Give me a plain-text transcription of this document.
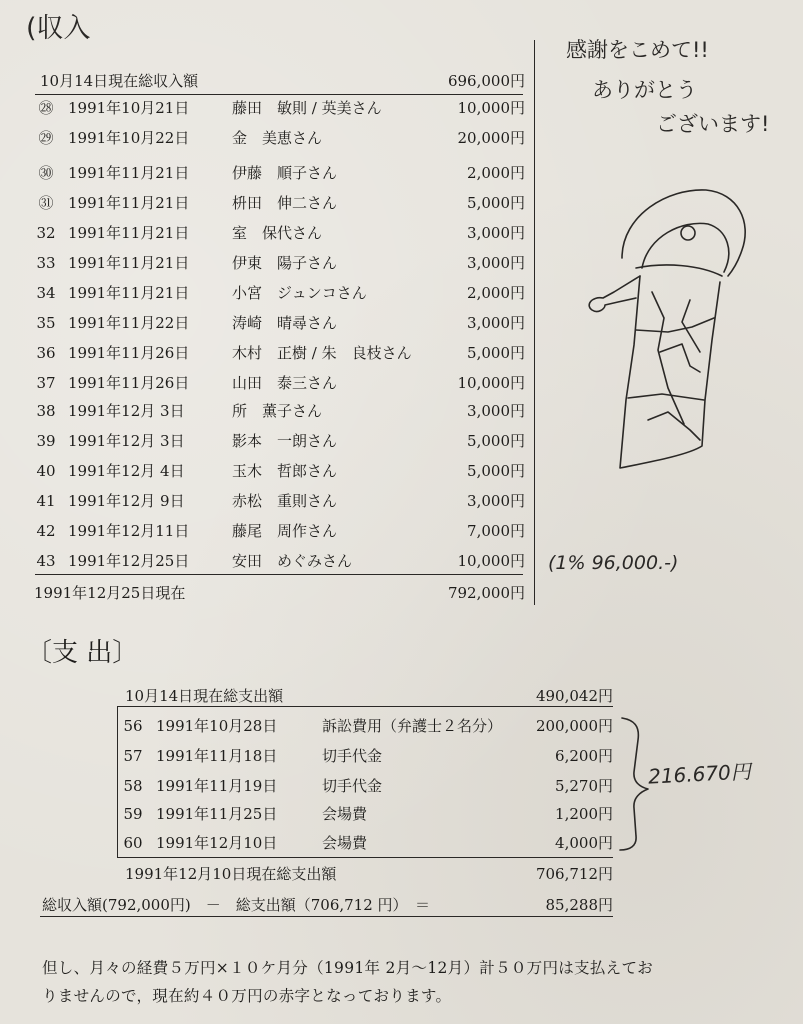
(収入
10月14日現在総収入額	696,000円
㉘ 1991年10月21日	藤田　敏則 / 英美さん	10,000円
㉙ 1991年10月22日	金　美恵さん	20,000円
㉚ 1991年11月21日	伊藤　順子さん	2,000円
㉛ 1991年11月21日	枡田　伸二さん	5,000円
32 1991年11月21日	室　保代さん	3,000円
33 1991年11月21日	伊東　陽子さん	3,000円
34 1991年11月21日	小宮　ジュンコさん	2,000円
35 1991年11月22日	涛崎　晴尋さん	3,000円
36 1991年11月26日	木村　正樹 / 朱　良枝さん	5,000円
37 1991年11月26日	山田　泰三さん	10,000円
38 1991年12月 3日	所　薫子さん	3,000円
39 1991年12月 3日	影本　一朗さん	5,000円
40 1991年12月 4日	玉木　哲郎さん	5,000円
41 1991年12月 9日	赤松　重則さん	3,000円
42 1991年12月11日	藤尾　周作さん	7,000円
43 1991年12月25日	安田　めぐみさん	10,000円
1991年12月25日現在	792,000円
感謝をこめて!!
ありがとう
ございます!
(1% 96,000.-)
〔支 出〕
10月14日現在総支出額	490,042円
56 1991年10月28日	訴訟費用（弁護士２名分） 200,000円
57 1991年11月18日	切手代金	6,200円
58 1991年11月19日	切手代金	5,270円
59 1991年11月25日	会場費	1,200円
60 1991年12月10日	会場費	4,000円
1991年12月10日現在総支出額	706,712円
216.670円
総収入額(792,000円)　－　総支出額（706,712 円）　＝	85,288円
但し、月々の経費５万円×１０ケ月分（1991年 2月～12月）計５０万円は支払えてお
りませんので，現在約４０万円の赤字となっております。
